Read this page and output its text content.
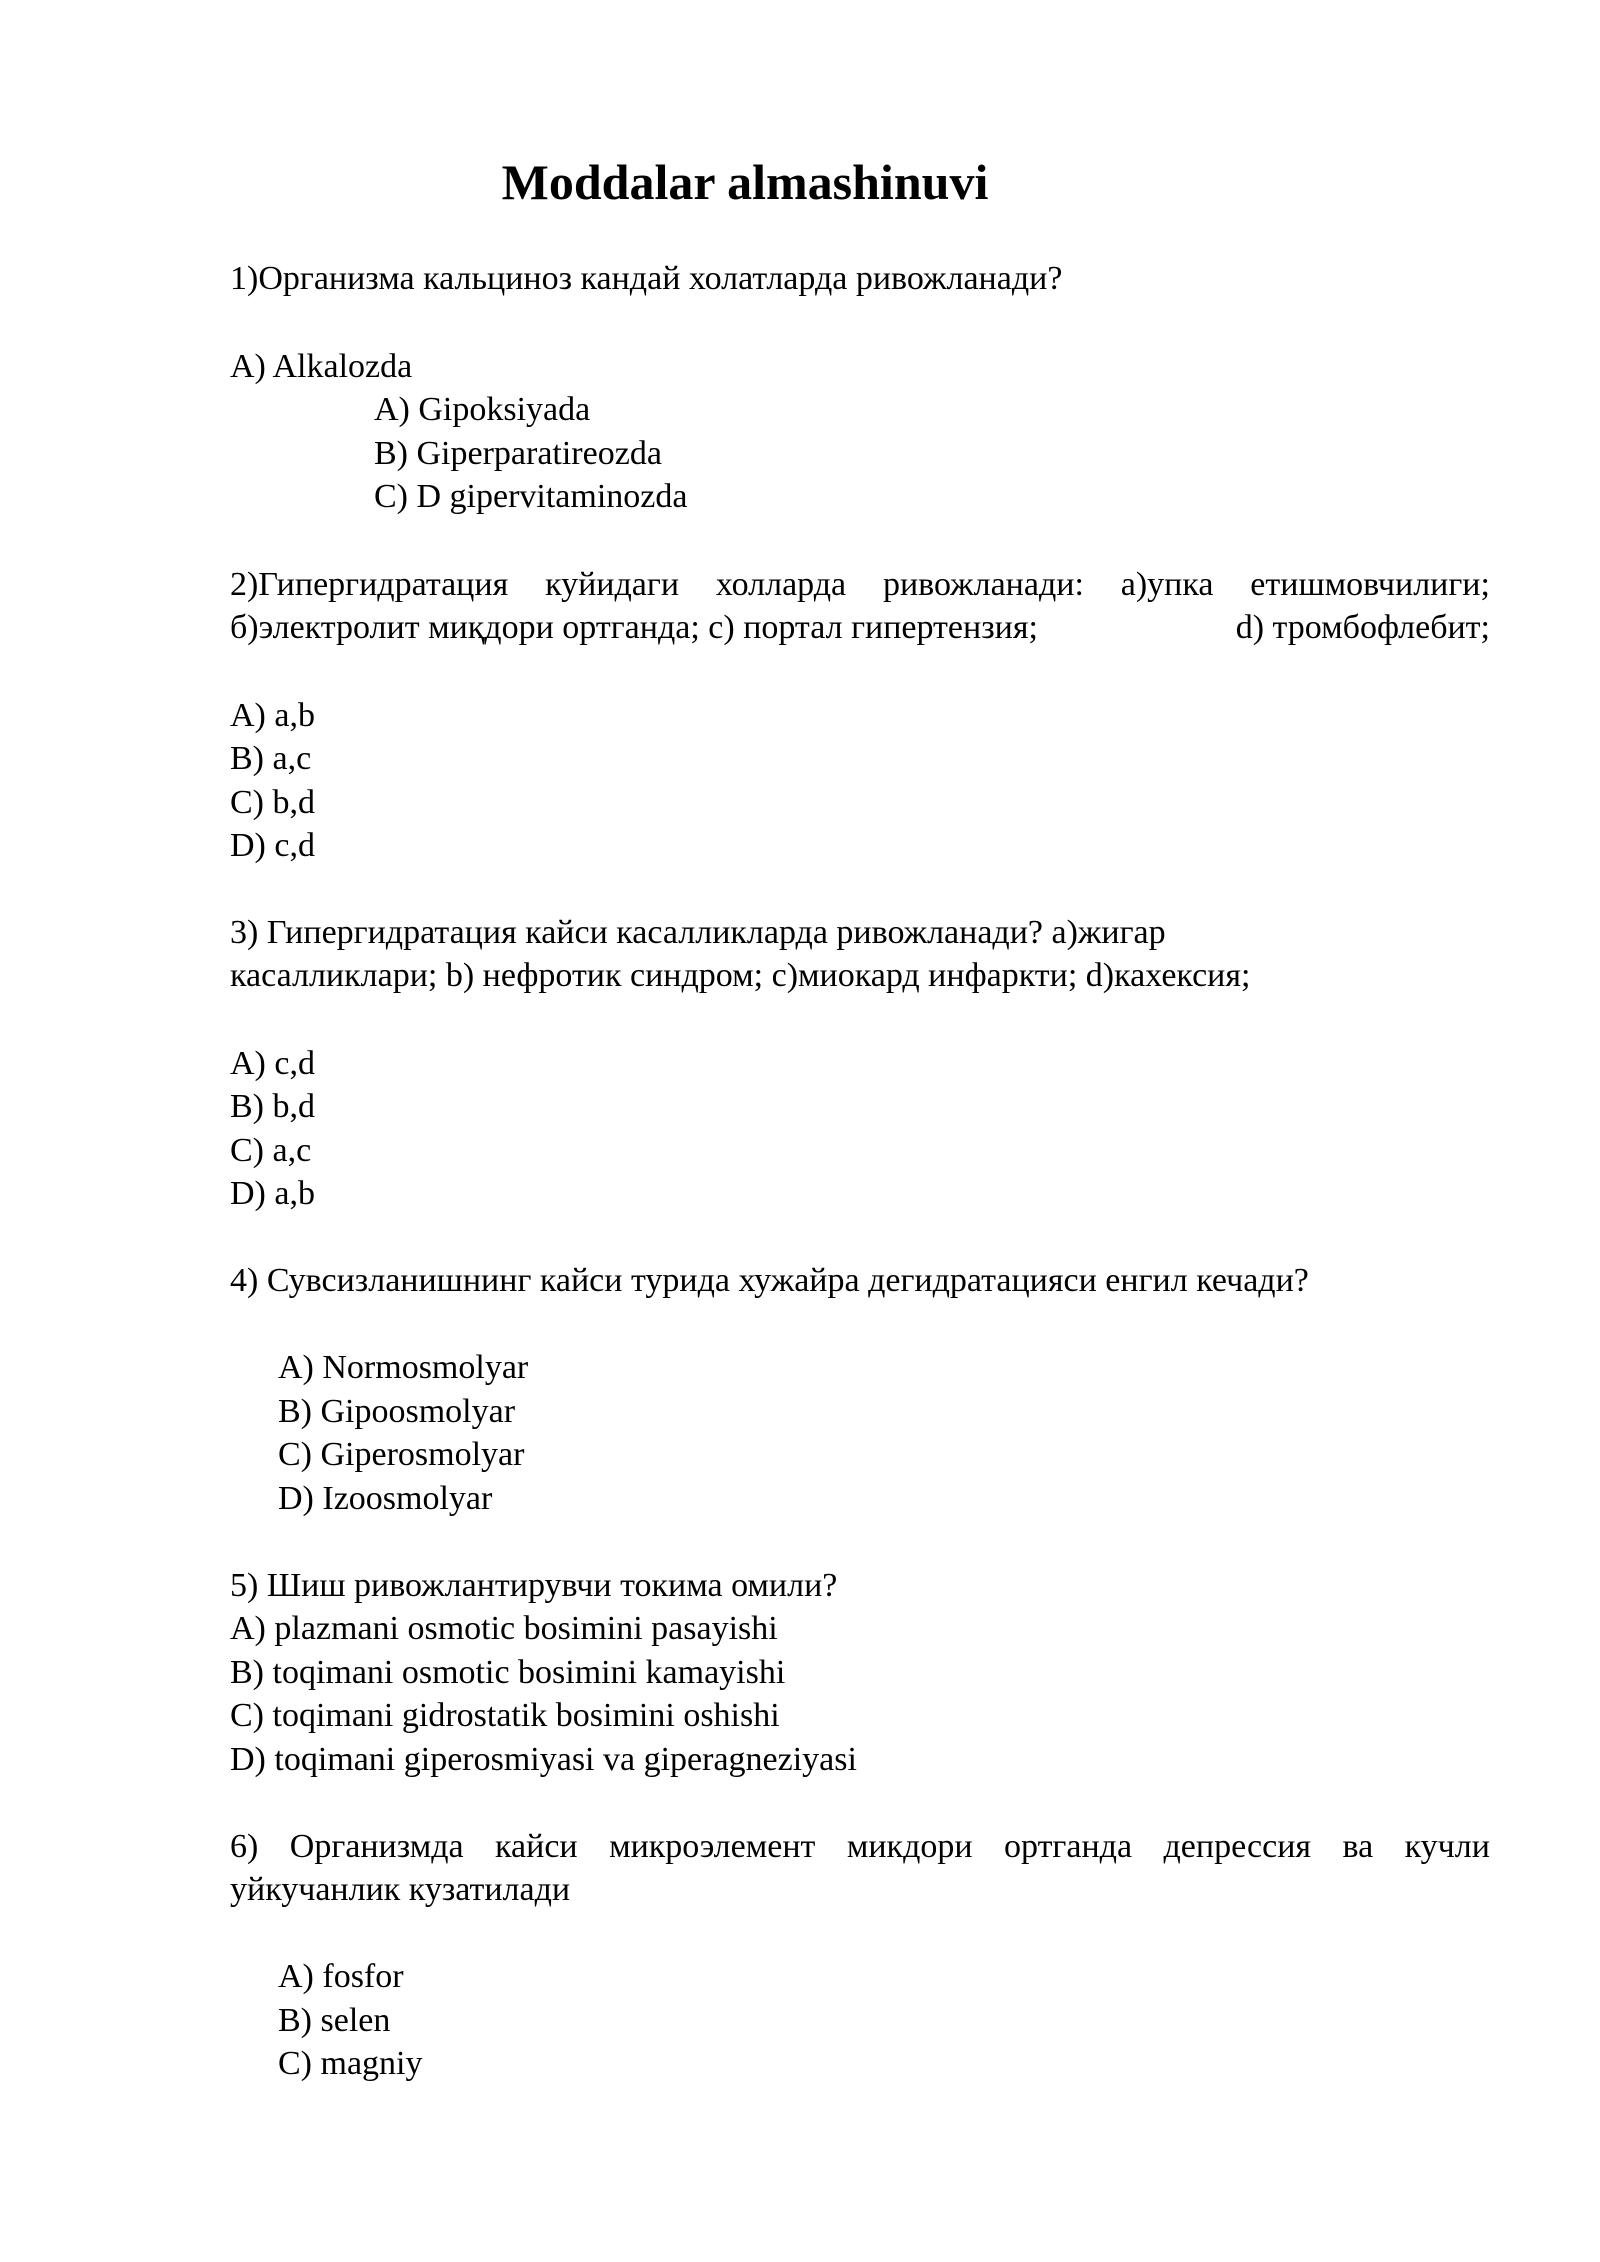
Moddalar almashinuvi
1)Организма кальциноз кандай холатларда ривожланади?
A) Alkalozda
A) Gipoksiyada
B) Giperparatireozda
C) D gipervitaminozda
2)Гипергидратация куйидаги холларда ривожланади: а)упка етишмовчилиги;
б)электролит миқдори ортганда; с) портал гипертензия;	d) тромбофлебит;
A) a,b
B) a,c
C) b,d
D) c,d
3) Гипергидратация кайси касалликларда ривожланади? а)жигар
касалликлари; b) нефротик синдром; с)миокард инфаркти; d)кахексия;
A) c,d
B) b,d
C) a,c
D) a,b
4) Сувсизланишнинг кайси турида хужайра дегидратацияси енгил кечади?
A) Normosmolyar
B) Gipoosmolyar
C) Giperosmolyar
D) Izoosmolyar
5) Шиш ривожлантирувчи токима омили?
A) plazmani osmotic bosimini pasayishi
B) toqimani osmotic bosimini kamayishi
C) toqimani gidrostatik bosimini oshishi
D) toqimani giperosmiyasi va giperagneziyasi
6) Организмда кайси микроэлемент микдори ортганда депрессия ва кучли
уйкучанлик кузатилади
A) fosfor
B) selen
C) magniy
